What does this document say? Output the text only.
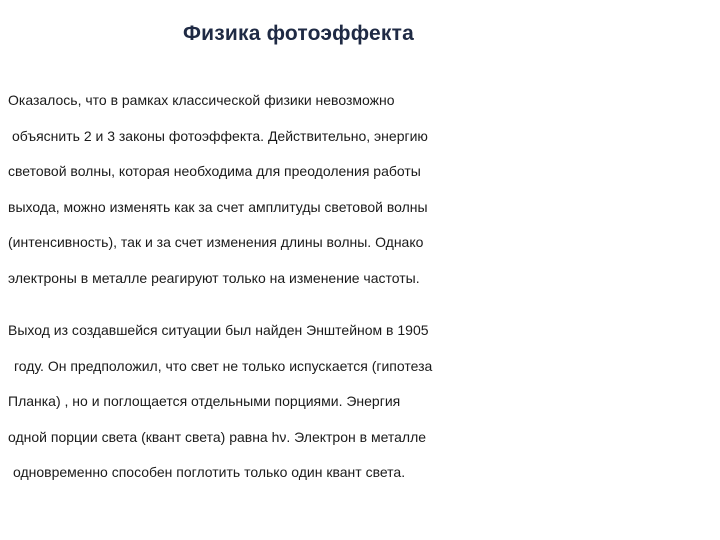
Физика фотоэффекта
Оказалось, что в рамках классической физики невозможно
объяснить 2 и 3 законы фотоэффекта. Действительно, энергию
световой волны, которая необходима для преодоления работы
выхода, можно изменять как за счет амплитуды световой волны
(интенсивность), так и за счет изменения длины волны. Однако
электроны в металле реагируют только на изменение частоты.
Выход из создавшейся ситуации был найден Энштейном в 1905
году. Он предположил, что свет не только испускается (гипотеза
Планка) , но и поглощается отдельными порциями. Энергия
одной порции света (квант света) равна hν. Электрон в металле
одновременно способен поглотить только один квант света.
